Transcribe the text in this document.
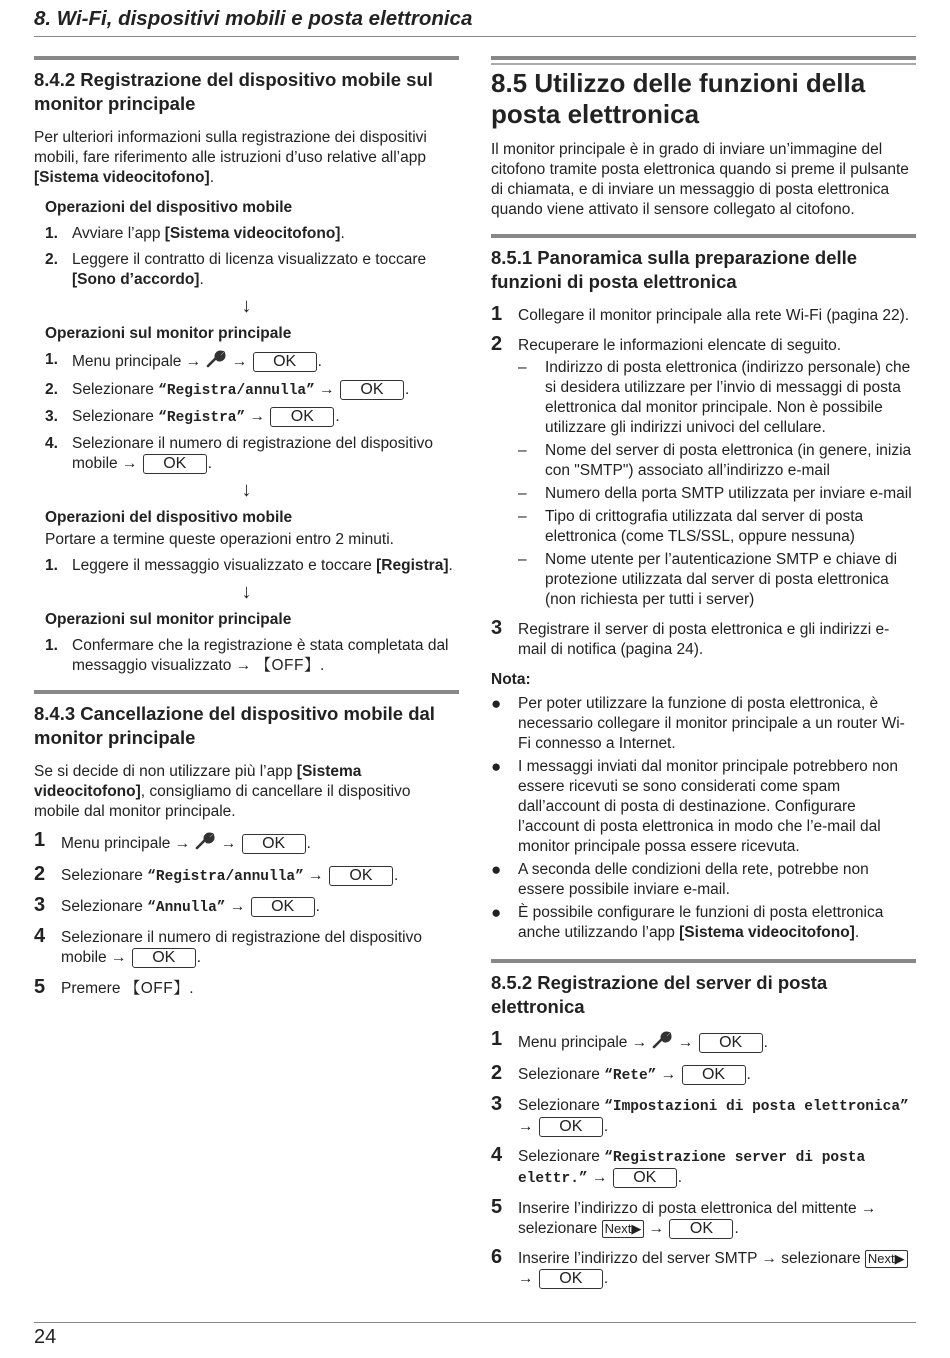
8. Wi-Fi, dispositivi mobili e posta elettronica
8.4.2 Registrazione del dispositivo mobile sul monitor principale

Per ulteriori informazioni sulla registrazione dei dispositivi mobili, fare riferimento alle istruzioni d’uso relative all’app [Sistema videocitofono].

Operazioni del dispositivo mobile
1. Avviare l’app [Sistema videocitofono].
2. Leggere il contratto di licenza visualizzato e toccare [Sono d’accordo].
↓
Operazioni sul monitor principale
1. Menu principale →  → OK .
2. Selezionare “Registra/annulla” → OK .
3. Selezionare “Registra” → OK .
4. Selezionare il numero di registrazione del dispositivo mobile → OK .
↓
Operazioni del dispositivo mobile
Portare a termine queste operazioni entro 2 minuti.
1. Leggere il messaggio visualizzato e toccare [Registra].
↓
Operazioni sul monitor principale
1. Confermare che la registrazione è stata completata dal messaggio visualizzato → 【OFF】.
8.4.3 Cancellazione del dispositivo mobile dal monitor principale

Se si decide di non utilizzare più l’app [Sistema videocitofono], consigliamo di cancellare il dispositivo mobile dal monitor principale.

1 Menu principale →  → OK .
2 Selezionare “Registra/annulla” → OK .
3 Selezionare “Annulla” → OK .
4 Selezionare il numero di registrazione del dispositivo mobile → OK .
5 Premere 【OFF】.
8.5 Utilizzo delle funzioni della posta elettronica

Il monitor principale è in grado di inviare un’immagine del citofono tramite posta elettronica quando si preme il pulsante di chiamata, e di inviare un messaggio di posta elettronica quando viene attivato il sensore collegato al citofono.

8.5.1 Panoramica sulla preparazione delle funzioni di posta elettronica
1 Collegare il monitor principale alla rete Wi-Fi (pagina 22).
2 Recuperare le informazioni elencate di seguito.
– Indirizzo di posta elettronica (indirizzo personale) che si desidera utilizzare per l’invio di messaggi di posta elettronica dal monitor principale. Non è possibile utilizzare gli indirizzi univoci del cellulare.
– Nome del server di posta elettronica (in genere, inizia con "SMTP") associato all’indirizzo e-mail
– Numero della porta SMTP utilizzata per inviare e-mail
– Tipo di crittografia utilizzata dal server di posta elettronica (come TLS/SSL, oppure nessuna)
– Nome utente per l’autenticazione SMTP e chiave di protezione utilizzata dal server di posta elettronica (non richiesta per tutti i server)
3 Registrare il server di posta elettronica e gli indirizzi e-mail di notifica (pagina 24).
Nota:
● Per poter utilizzare la funzione di posta elettronica, è necessario collegare il monitor principale a un router Wi-Fi connesso a Internet.
● I messaggi inviati dal monitor principale potrebbero non essere ricevuti se sono considerati come spam dall’account di posta di destinazione. Configurare l’account di posta elettronica in modo che l’e-mail dal monitor principale possa essere ricevuta.
● A seconda delle condizioni della rete, potrebbe non essere possibile inviare e-mail.
● È possibile configurare le funzioni di posta elettronica anche utilizzando l’app [Sistema videocitofono].
8.5.2 Registrazione del server di posta elettronica
1 Menu principale →  → OK .
2 Selezionare “Rete” → OK .
3 Selezionare “Impostazioni di posta elettronica” → OK .
4 Selezionare “Registrazione server di posta elettr.” → OK .
5 Inserire l’indirizzo di posta elettronica del mittente → selezionare Next▶ → OK .
6 Inserire l’indirizzo del server SMTP → selezionare Next▶ → OK .
24
